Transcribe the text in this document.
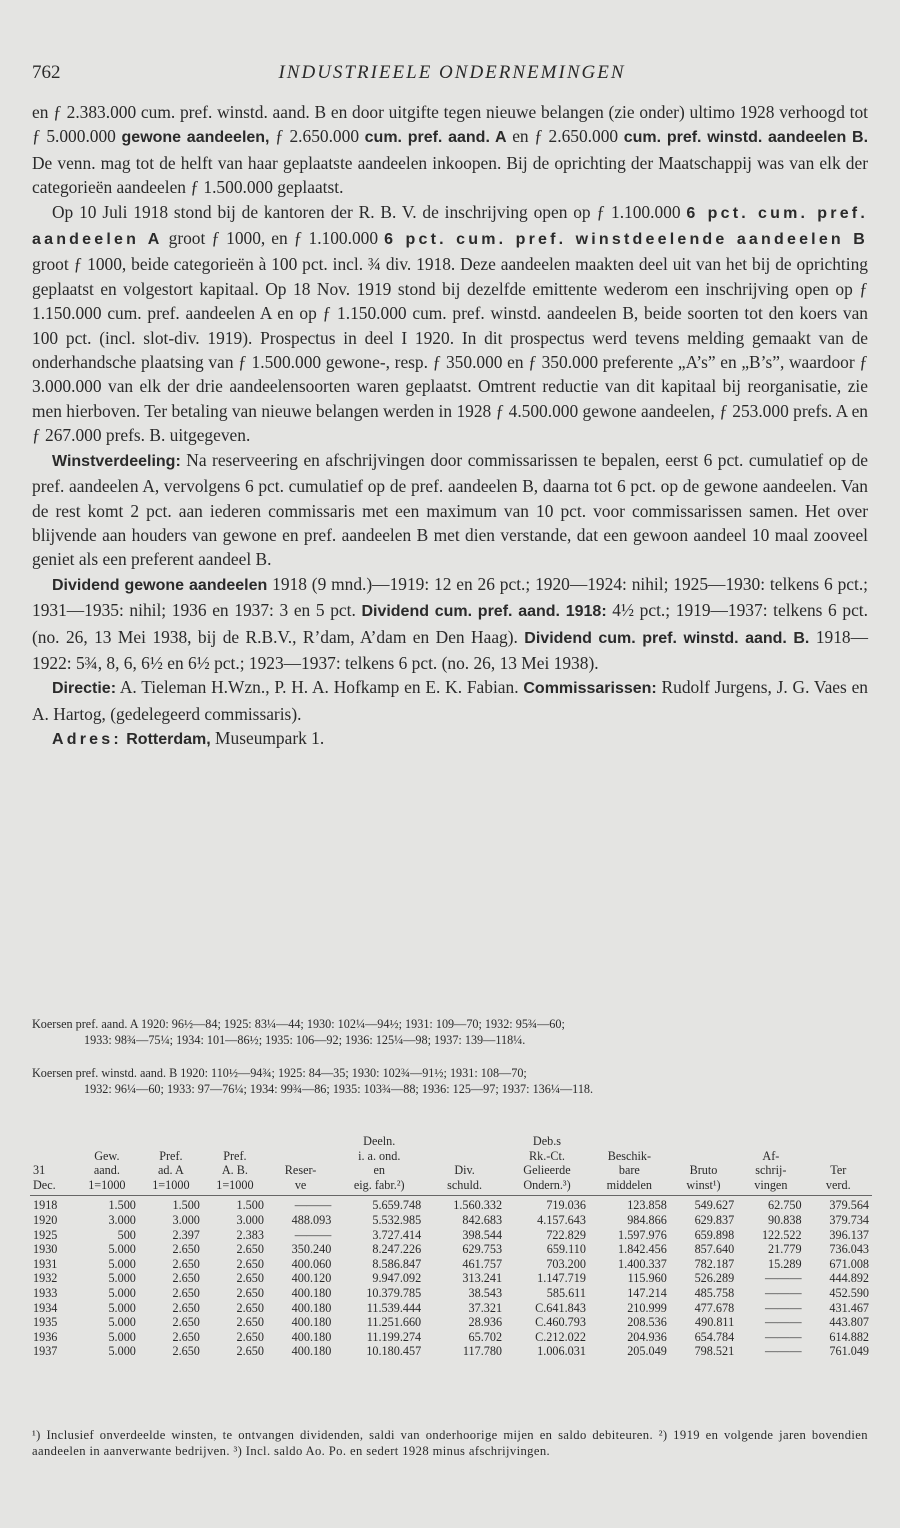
762	INDUSTRIEELE ONDERNEMINGEN

en ƒ 2.383.000 cum. pref. winstd. aand. B en door uitgifte tegen nieuwe belangen (zie onder) ultimo 1928 verhoogd tot ƒ 5.000.000 gewone aandeelen, ƒ 2.650.000 cum. pref. aand. A en ƒ 2.650.000 cum. pref. winstd. aandeelen B. De venn. mag tot de helft van haar geplaatste aandeelen inkoopen. Bij de oprichting der Maatschappij was van elk der categorieën aandeelen ƒ 1.500.000 geplaatst.

Op 10 Juli 1918 stond bij de kantoren der R. B. V. de inschrijving open op ƒ 1.100.000 6 pct. cum. pref. aandeelen A groot ƒ 1000, en ƒ 1.100.000 6 pct. cum. pref. winstdeelende aandeelen B groot ƒ 1000, beide categorieën à 100 pct. incl. ¾ div. 1918. Deze aandeelen maakten deel uit van het bij de oprichting geplaatst en volgestort kapitaal. Op 18 Nov. 1919 stond bij dezelfde emittente wederom een inschrijving open op ƒ 1.150.000 cum. pref. aandeelen A en op ƒ 1.150.000 cum. pref. winstd. aandeelen B, beide soorten tot den koers van 100 pct. (incl. slot-div. 1919). Prospectus in deel I 1920. In dit prospectus werd tevens melding gemaakt van de onderhandsche plaatsing van ƒ 1.500.000 gewone-, resp. ƒ 350.000 en ƒ 350.000 preferente „A’s” en „B’s”, waardoor ƒ 3.000.000 van elk der drie aandeelensoorten waren geplaatst. Omtrent reductie van dit kapitaal bij reorganisatie, zie men hierboven. Ter betaling van nieuwe belangen werden in 1928 ƒ 4.500.000 gewone aandeelen, ƒ 253.000 prefs. A en ƒ 267.000 prefs. B. uitgegeven.

Winstverdeeling: Na reserveering en afschrijvingen door commissarissen te bepalen, eerst 6 pct. cumulatief op de pref. aandeelen A, vervolgens 6 pct. cumulatief op de pref. aandeelen B, daarna tot 6 pct. op de gewone aandeelen. Van de rest komt 2 pct. aan iederen commissaris met een maximum van 10 pct. voor commissarissen samen. Het over blijvende aan houders van gewone en pref. aandeelen B met dien verstande, dat een gewoon aandeel 10 maal zooveel geniet als een preferent aandeel B.

Dividend gewone aandeelen 1918 (9 mnd.)—1919: 12 en 26 pct.; 1920—1924: nihil; 1925—1930: telkens 6 pct.; 1931—1935: nihil; 1936 en 1937: 3 en 5 pct. Dividend cum. pref. aand. 1918: 4½ pct.; 1919—1937: telkens 6 pct. (no. 26, 13 Mei 1938, bij de R.B.V., R’dam, A’dam en Den Haag). Dividend cum. pref. winstd. aand. B. 1918—1922: 5¾, 8, 6, 6½ en 6½ pct.; 1923—1937: telkens 6 pct. (no. 26, 13 Mei 1938).

Directie: A. Tieleman H.Wzn., P. H. A. Hofkamp en E. K. Fabian. Commissarissen: Rudolf Jurgens, J. G. Vaes en A. Hartog, (gedelegeerd commissaris).

Adres: Rotterdam, Museumpark 1.

Koersen pref. aand. A 1920: 96½—84; 1925: 83¼—44; 1930: 102¼—94½; 1931: 109—70; 1932: 95¾—60;
1933: 98¾—75¼; 1934: 101—86½; 1935: 106—92; 1936: 125¼—98; 1937: 139—118¼.
Koersen pref. winstd. aand. B 1920: 110½—94¾; 1925: 84—35; 1930: 102¾—91½; 1931: 108—70;
1932: 96¼—60; 1933: 97—76¼; 1934: 99¾—86; 1935: 103¾—88; 1936: 125—97; 1937: 136¼—118.
					Deeln.		Deb.s				
	Gew.	Pref.	Pref.		i. a. ond.		Rk.-Ct.	Beschik-		Af-	
31	aand.	ad. A	A. B.	Reser-	en	Div.	Gelieerde	bare	Bruto	schrij-	Ter
Dec.	1=1000	1=1000	1=1000	ve	eig. fabr.²)	schuld.	Ondern.³)	middelen	winst¹)	vingen	verd.
1918	1.500	1.500	1.500	———	5.659.748	1.560.332	719.036	123.858	549.627	62.750	379.564
1920	3.000	3.000	3.000	488.093	5.532.985	842.683	4.157.643	984.866	629.837	90.838	379.734
1925	500	2.397	2.383	———	3.727.414	398.544	722.829	1.597.976	659.898	122.522	396.137
1930	5.000	2.650	2.650	350.240	8.247.226	629.753	659.110	1.842.456	857.640	21.779	736.043
1931	5.000	2.650	2.650	400.060	8.586.847	461.757	703.200	1.400.337	782.187	15.289	671.008
1932	5.000	2.650	2.650	400.120	9.947.092	313.241	1.147.719	115.960	526.289	———	444.892
1933	5.000	2.650	2.650	400.180	10.379.785	38.543	585.611	147.214	485.758	———	452.590
1934	5.000	2.650	2.650	400.180	11.539.444	37.321	C.641.843	210.999	477.678	———	431.467
1935	5.000	2.650	2.650	400.180	11.251.660	28.936	C.460.793	208.536	490.811	———	443.807
1936	5.000	2.650	2.650	400.180	11.199.274	65.702	C.212.022	204.936	654.784	———	614.882
1937	5.000	2.650	2.650	400.180	10.180.457	117.780	1.006.031	205.049	798.521	———	761.049
¹) Inclusief onverdeelde winsten, te ontvangen dividenden, saldi van onderhoorige mijen en saldo debiteuren. ²) 1919 en volgende jaren bovendien aandeelen in aanverwante bedrijven. ³) Incl. saldo Ao. Po. en sedert 1928 minus afschrijvingen.
